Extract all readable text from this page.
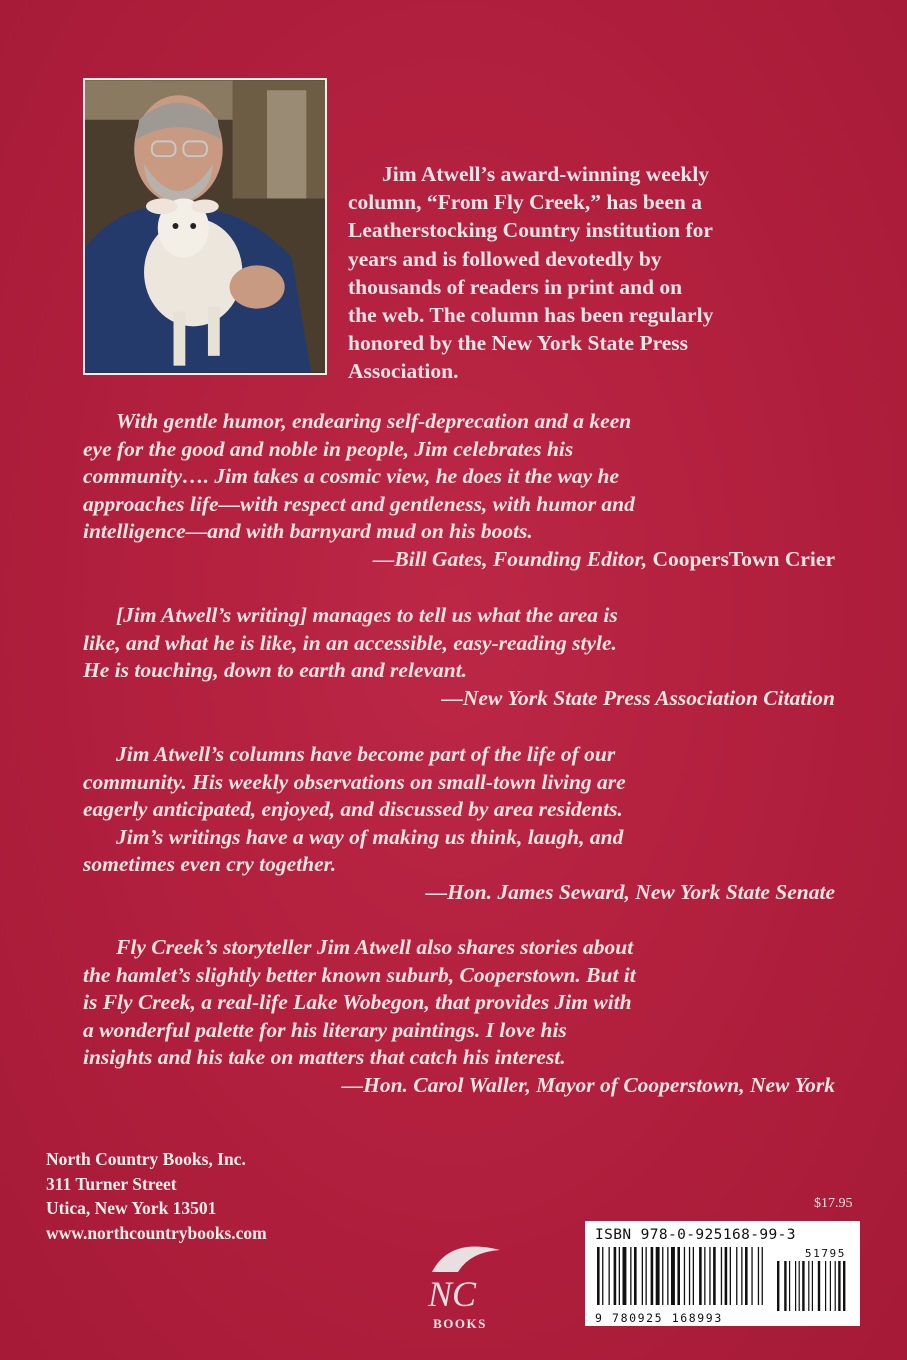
Jim Atwell’s award-winning weekly
column, “From Fly Creek,” has been a
Leatherstocking Country institution for
years and is followed devotedly by
thousands of readers in print and on
the web. The column has been regularly
honored by the New York State Press
Association.
With gentle humor, endearing self-deprecation and a keen
eye for the good and noble in people, Jim celebrates his
community…. Jim takes a cosmic view, he does it the way he
approaches life—with respect and gentleness, with humor and
intelligence—and with barnyard mud on his boots.
—Bill Gates, Founding Editor, CoopersTown Crier
[Jim Atwell’s writing] manages to tell us what the area is
like, and what he is like, in an accessible, easy-reading style.
He is touching, down to earth and relevant.
—New York State Press Association Citation
Jim Atwell’s columns have become part of the life of our
community. His weekly observations on small-town living are
eagerly anticipated, enjoyed, and discussed by area residents.
Jim’s writings have a way of making us think, laugh, and
sometimes even cry together.
—Hon. James Seward, New York State Senate
Fly Creek’s storyteller Jim Atwell also shares stories about
the hamlet’s slightly better known suburb, Cooperstown. But it
is Fly Creek, a real-life Lake Wobegon, that provides Jim with
a wonderful palette for his literary paintings. I love his
insights and his take on matters that catch his interest.
—Hon. Carol Waller, Mayor of Cooperstown, New York
North Country Books, Inc.
311 Turner Street
Utica, New York 13501
www.northcountrybooks.com
NC
BOOKS
$17.95
ISBN 978-0-925168-99-3
51795
9 780925 168993
